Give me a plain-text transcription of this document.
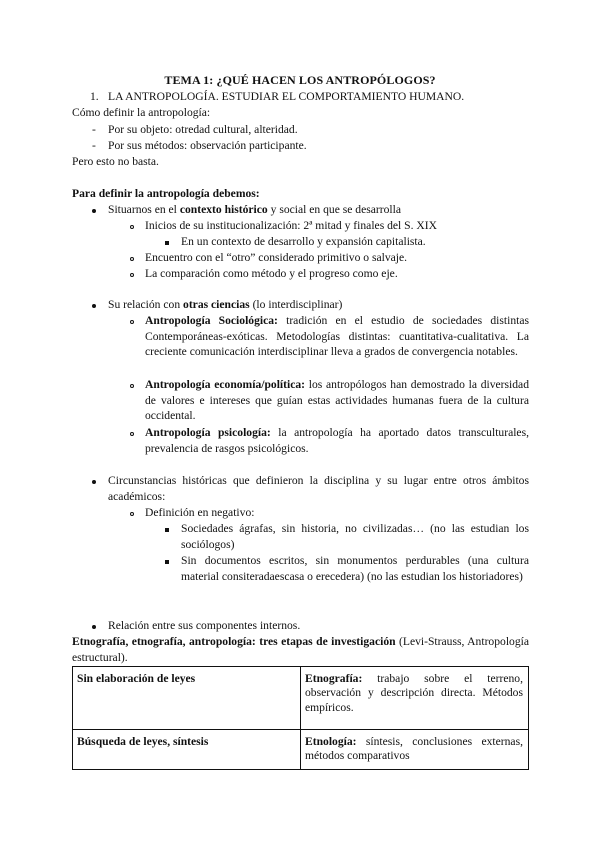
TEMA 1: ¿QUÉ HACEN LOS ANTROPÓLOGOS?
1. LA ANTROPOLOGÍA. ESTUDIAR EL COMPORTAMIENTO HUMANO.
Cómo definir la antropología:
- Por su objeto: otredad cultural, alteridad.
- Por sus métodos: observación participante.
Pero esto no basta.
Para definir la antropología debemos:
Situarnos en el contexto histórico y social en que se desarrolla
Inicios de su institucionalización: 2ª mitad y finales del S. XIX
En un contexto de desarrollo y expansión capitalista.
Encuentro con el “otro” considerado primitivo o salvaje.
La comparación como método y el progreso como eje.
Su relación con otras ciencias (lo interdisciplinar)
Antropología Sociológica: tradición en el estudio de sociedades distintas Contemporáneas-exóticas. Metodologías distintas: cuantitativa-cualitativa. La creciente comunicación interdisciplinar lleva a grados de convergencia notables.
Antropología economía/política: los antropólogos han demostrado la diversidad de valores e intereses que guían estas actividades humanas fuera de la cultura occidental.
Antropología psicología: la antropología ha aportado datos transculturales, prevalencia de rasgos psicológicos.
Circunstancias históricas que definieron la disciplina y su lugar entre otros ámbitos académicos:
Definición en negativo:
Sociedades ágrafas, sin historia, no civilizadas… (no las estudian los sociólogos)
Sin documentos escritos, sin monumentos perdurables (una cultura material consiteradaescasa o erecedera) (no las estudian los historiadores)
Relación entre sus componentes internos.
Etnografía, etnografía, antropología: tres etapas de investigación (Levi-Strauss, Antropología estructural).
Sin elaboración de leyes	Etnografía: trabajo sobre el terreno, observación y descripción directa. Métodos empíricos.
Búsqueda de leyes, síntesis	Etnología: síntesis, conclusiones externas, métodos comparativos
